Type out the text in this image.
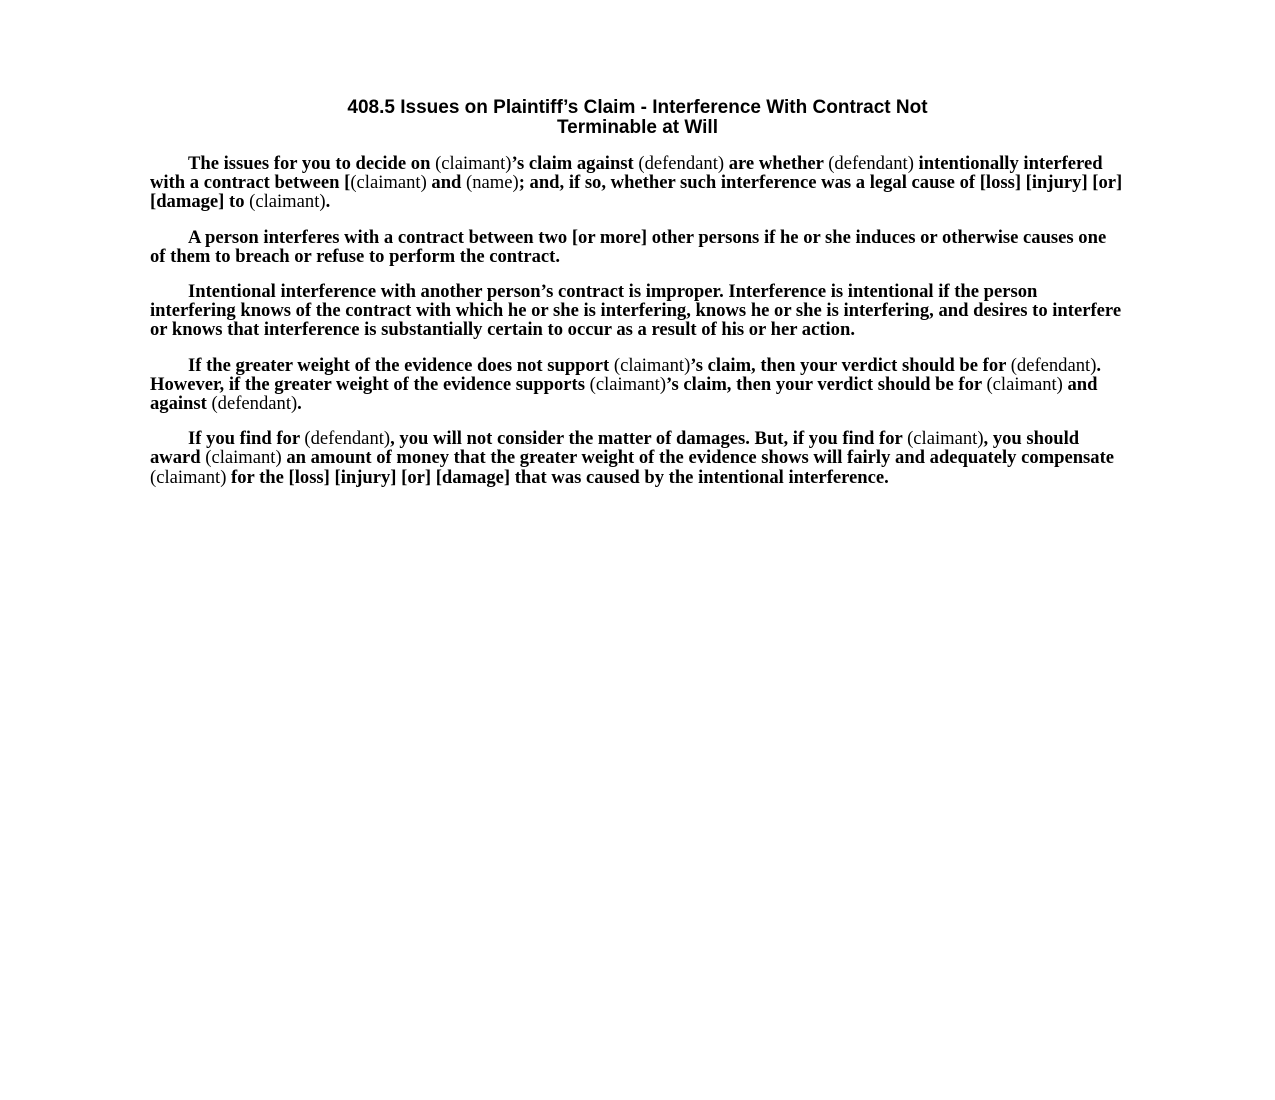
408.5 Issues on Plaintiff’s Claim - Interference With Contract Not
Terminable at Will

The issues for you to decide on (claimant)’s claim against (defendant) are whether (defendant) intentionally interfered with a contract between [(claimant) and (name); and, if so, whether such interference was a legal cause of [loss] [injury] [or] [damage] to (claimant).

A person interferes with a contract between two [or more] other persons if he or she induces or otherwise causes one of them to breach or refuse to perform the contract.

Intentional interference with another person’s contract is improper. Interference is intentional if the person interfering knows of the contract with which he or she is interfering, knows he or she is interfering, and desires to interfere or knows that interference is substantially certain to occur as a result of his or her action.

If the greater weight of the evidence does not support (claimant)’s claim, then your verdict should be for (defendant). However, if the greater weight of the evidence supports (claimant)’s claim, then your verdict should be for (claimant) and against (defendant).

If you find for (defendant), you will not consider the matter of damages. But, if you find for (claimant), you should award (claimant) an amount of money that the greater weight of the evidence shows will fairly and adequately compensate (claimant) for the [loss] [injury] [or] [damage] that was caused by the intentional interference.
